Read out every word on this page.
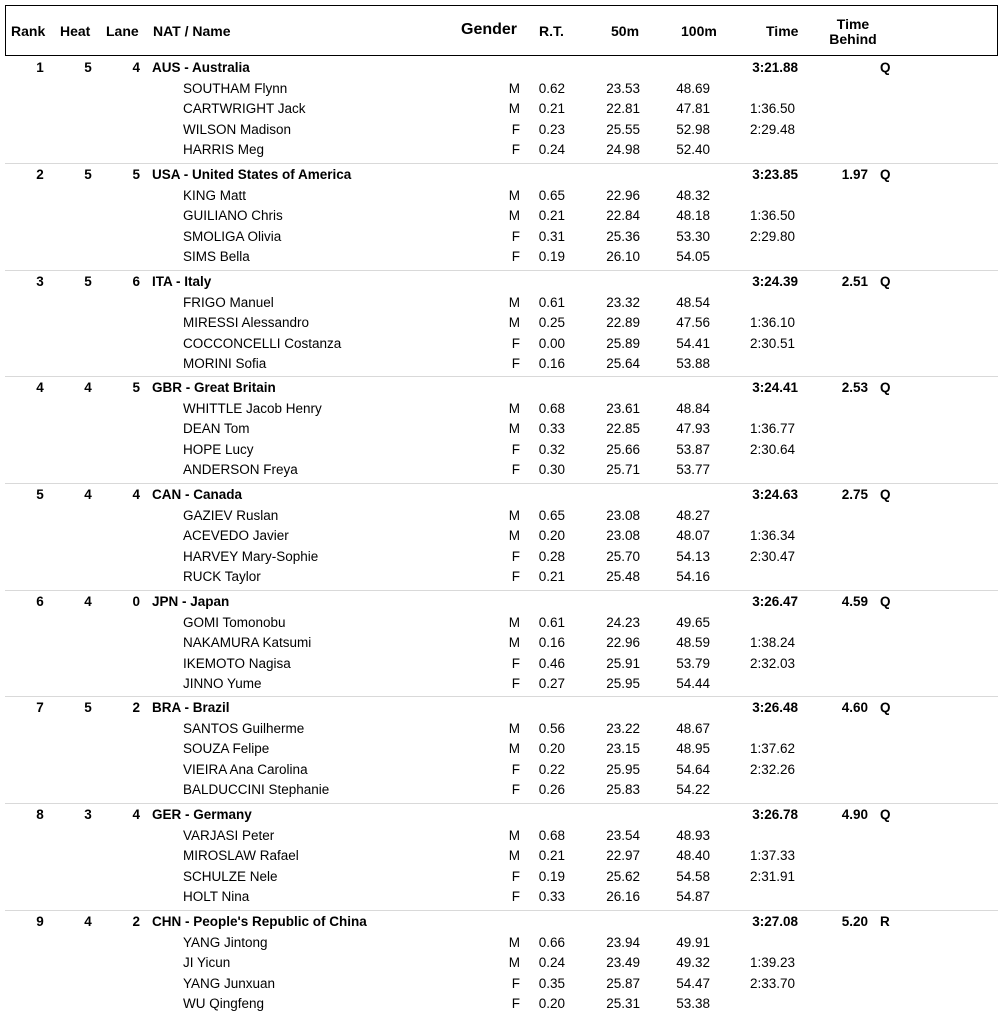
Rank Heat Lane NAT / Name	Gender R.T.	50m	100m	Time	Time
Behind
1	5	4 AUS - Australia	3:21.88	Q
SOUTHAM Flynn	M	0.62	23.53	48.69
CARTWRIGHT Jack	M	0.21	22.81	47.81	1:36.50
WILSON Madison	F	0.23	25.55	52.98	2:29.48
HARRIS Meg	F	0.24	24.98	52.40
2	5	5 USA - United States of America	3:23.85	1.97 Q
KING Matt	M	0.65	22.96	48.32
GUILIANO Chris	M	0.21	22.84	48.18	1:36.50
SMOLIGA Olivia	F	0.31	25.36	53.30	2:29.80
SIMS Bella	F	0.19	26.10	54.05
3	5	6 ITA - Italy	3:24.39	2.51 Q
FRIGO Manuel	M	0.61	23.32	48.54
MIRESSI Alessandro	M	0.25	22.89	47.56	1:36.10
COCCONCELLI Costanza	F	0.00	25.89	54.41	2:30.51
MORINI Sofia	F	0.16	25.64	53.88
4	4	5 GBR - Great Britain	3:24.41	2.53 Q
WHITTLE Jacob Henry	M	0.68	23.61	48.84
DEAN Tom	M	0.33	22.85	47.93	1:36.77
HOPE Lucy	F	0.32	25.66	53.87	2:30.64
ANDERSON Freya	F	0.30	25.71	53.77
5	4	4 CAN - Canada	3:24.63	2.75 Q
GAZIEV Ruslan	M	0.65	23.08	48.27
ACEVEDO Javier	M	0.20	23.08	48.07	1:36.34
HARVEY Mary-Sophie	F	0.28	25.70	54.13	2:30.47
RUCK Taylor	F	0.21	25.48	54.16
6	4	0 JPN - Japan	3:26.47	4.59 Q
GOMI Tomonobu	M	0.61	24.23	49.65
NAKAMURA Katsumi	M	0.16	22.96	48.59	1:38.24
IKEMOTO Nagisa	F	0.46	25.91	53.79	2:32.03
JINNO Yume	F	0.27	25.95	54.44
7	5	2 BRA - Brazil	3:26.48	4.60 Q
SANTOS Guilherme	M	0.56	23.22	48.67
SOUZA Felipe	M	0.20	23.15	48.95	1:37.62
VIEIRA Ana Carolina	F	0.22	25.95	54.64	2:32.26
BALDUCCINI Stephanie	F	0.26	25.83	54.22
8	3	4 GER - Germany	3:26.78	4.90 Q
VARJASI Peter	M	0.68	23.54	48.93
MIROSLAW Rafael	M	0.21	22.97	48.40	1:37.33
SCHULZE Nele	F	0.19	25.62	54.58	2:31.91
HOLT Nina	F	0.33	26.16	54.87
9	4	2 CHN - People's Republic of China	3:27.08	5.20 R
YANG Jintong	M	0.66	23.94	49.91
JI Yicun	M	0.24	23.49	49.32	1:39.23
YANG Junxuan	F	0.35	25.87	54.47	2:33.70
WU Qingfeng	F	0.20	25.31	53.38
